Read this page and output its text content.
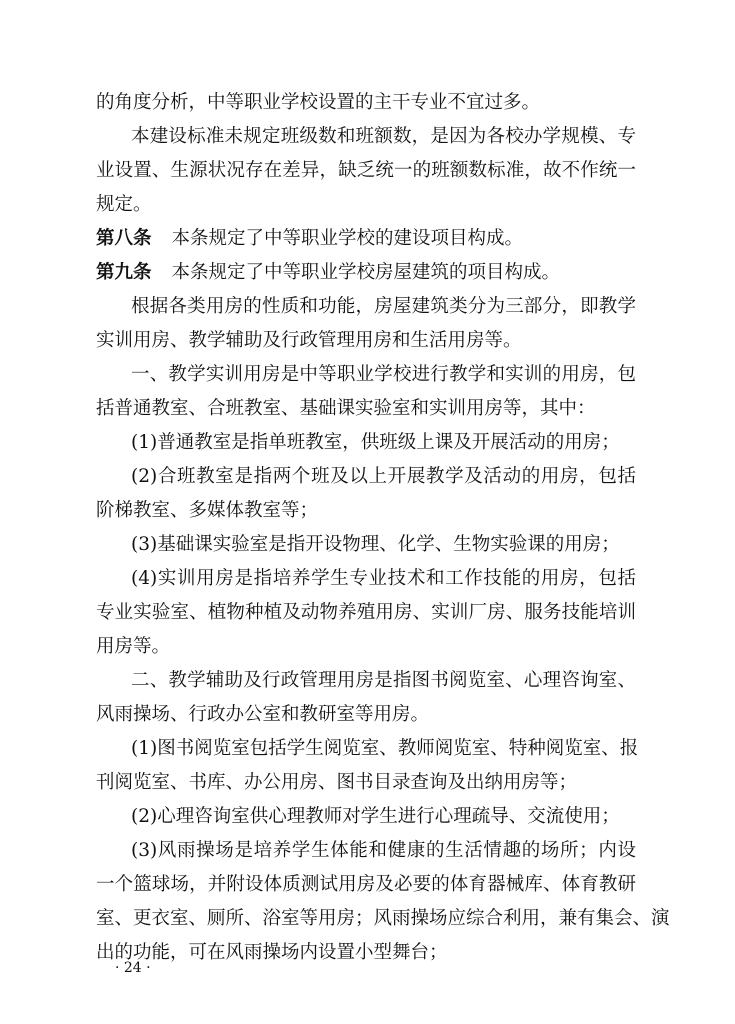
的角度分析，中等职业学校设置的主干专业不宜过多。
本建设标准未规定班级数和班额数，是因为各校办学规模、专
业设置、生源状况存在差异，缺乏统一的班额数标准，故不作统一
规定。
第八条 本条规定了中等职业学校的建设项目构成。
第九条 本条规定了中等职业学校房屋建筑的项目构成。
根据各类用房的性质和功能，房屋建筑类分为三部分，即教学
实训用房、教学辅助及行政管理用房和生活用房等。
一、教学实训用房是中等职业学校进行教学和实训的用房，包
括普通教室、合班教室、基础课实验室和实训用房等，其中：
(1)普通教室是指单班教室，供班级上课及开展活动的用房；
(2)合班教室是指两个班及以上开展教学及活动的用房，包括
阶梯教室、多媒体教室等；
(3)基础课实验室是指开设物理、化学、生物实验课的用房；
(4)实训用房是指培养学生专业技术和工作技能的用房，包括
专业实验室、植物种植及动物养殖用房、实训厂房、服务技能培训
用房等。
二、教学辅助及行政管理用房是指图书阅览室、心理咨询室、
风雨操场、行政办公室和教研室等用房。
(1)图书阅览室包括学生阅览室、教师阅览室、特种阅览室、报
刊阅览室、书库、办公用房、图书目录查询及出纳用房等；
(2)心理咨询室供心理教师对学生进行心理疏导、交流使用；
(3)风雨操场是培养学生体能和健康的生活情趣的场所；内设
一个篮球场，并附设体质测试用房及必要的体育器械库、体育教研
室、更衣室、厕所、浴室等用房；风雨操场应综合利用，兼有集会、演
出的功能，可在风雨操场内设置小型舞台；
· 24 ·
